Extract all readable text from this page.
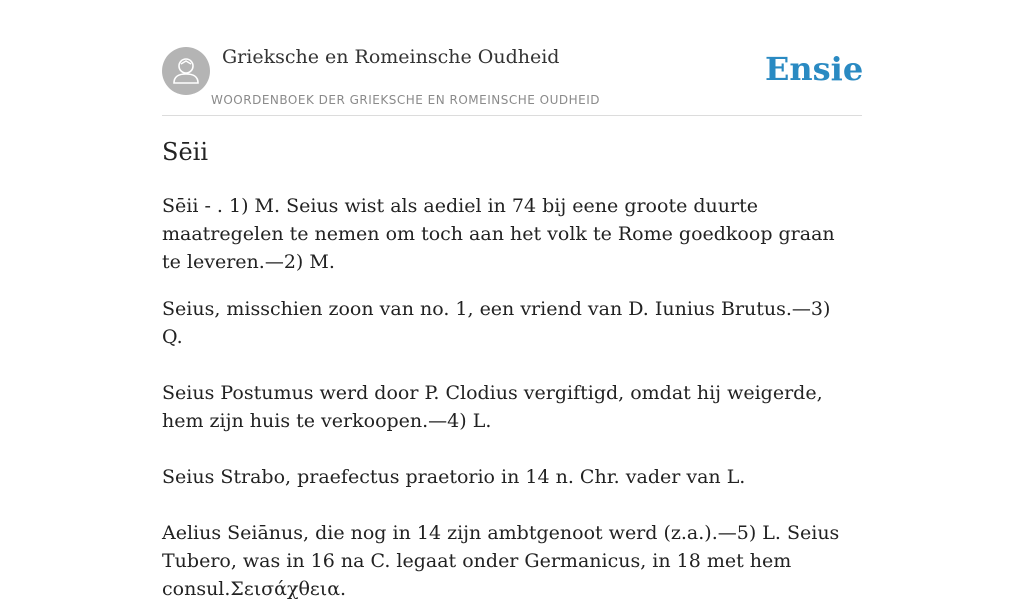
Grieksche en Romeinsche Oudheid
WOORDENBOEK DER GRIEKSCHE EN ROMEINSCHE OUDHEID
Ensie
Sēii

Sēii - . 1) M. Seius wist als aediel in 74 bij eene groote duurte maatregelen te nemen om toch aan het volk te Rome goedkoop graan te leveren.—2) M.

Seius, misschien zoon van no. 1, een vriend van D. Iunius Brutus.—3) Q.

Seius Postumus werd door P. Clodius vergiftigd, omdat hij weigerde, hem zijn huis te verkoopen.—4) L.

Seius Strabo, praefectus praetorio in 14 n. Chr. vader van L.

Aelius Seiānus, die nog in 14 zijn ambtgenoot werd (z.a.).—5) L. Seius Tubero, was in 16 na C. legaat onder Germanicus, in 18 met hem consul.Σεισάχθεια.
